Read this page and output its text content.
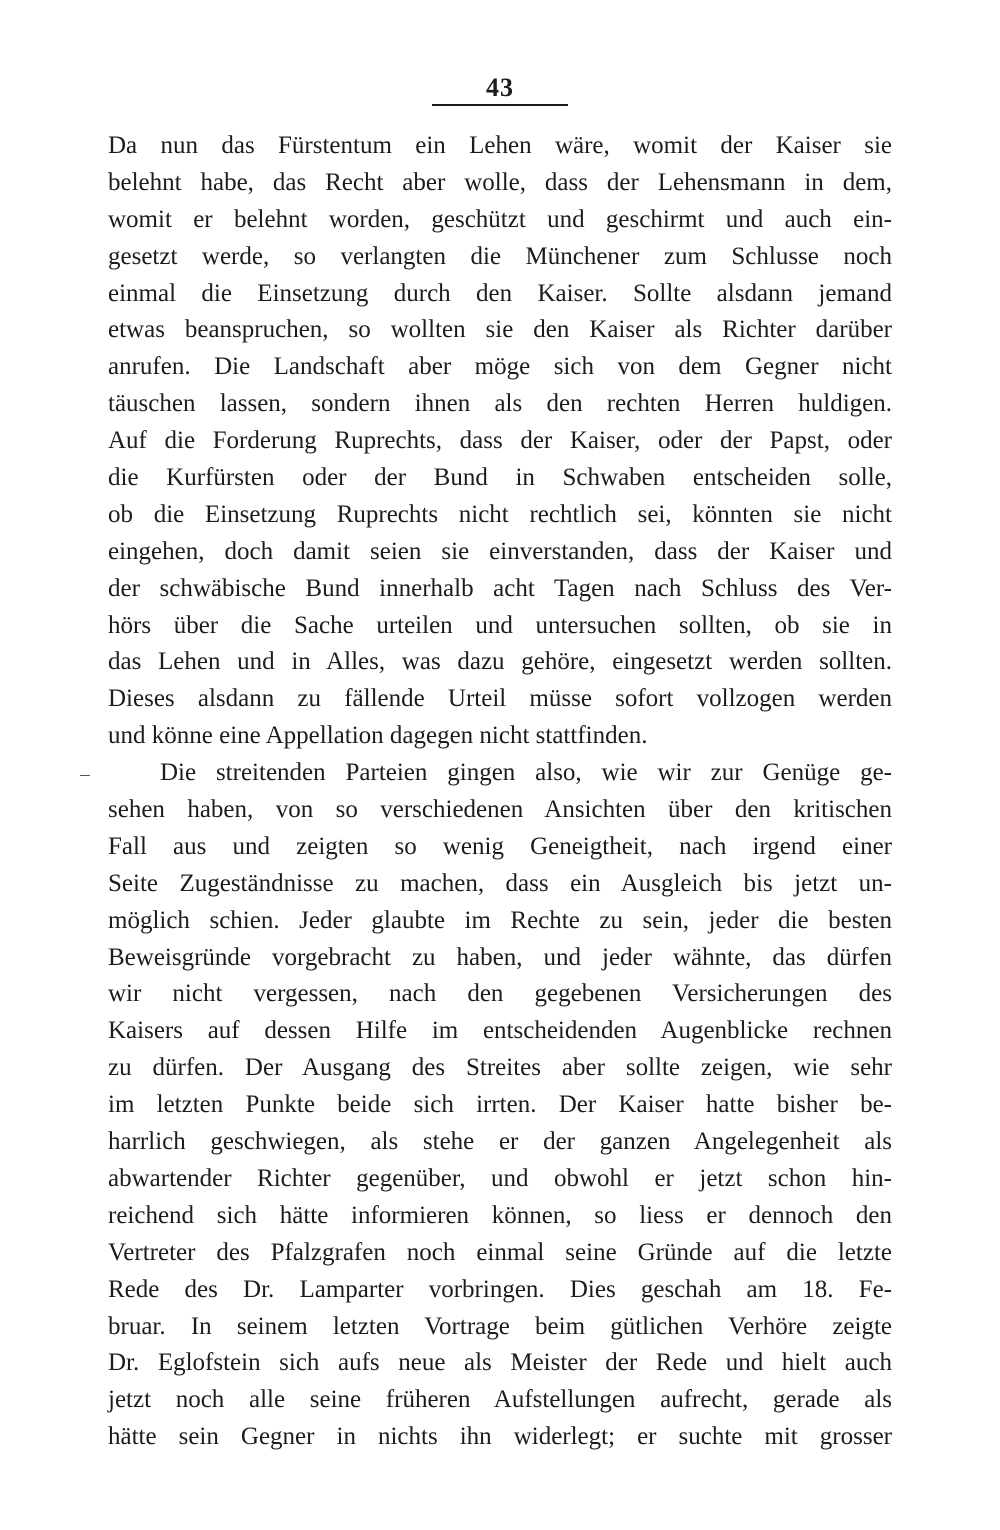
43
Da nun das Fürstentum ein Lehen wäre, womit der Kaiser sie
belehnt habe, das Recht aber wolle, dass der Lehensmann in dem,
womit er belehnt worden, geschützt und geschirmt und auch ein-
gesetzt werde, so verlangten die Münchener zum Schlusse noch
einmal die Einsetzung durch den Kaiser. Sollte alsdann jemand
etwas beanspruchen, so wollten sie den Kaiser als Richter darüber
anrufen. Die Landschaft aber möge sich von dem Gegner nicht
täuschen lassen, sondern ihnen als den rechten Herren huldigen.
Auf die Forderung Ruprechts, dass der Kaiser, oder der Papst, oder
die Kurfürsten oder der Bund in Schwaben entscheiden solle,
ob die Einsetzung Ruprechts nicht rechtlich sei, könnten sie nicht
eingehen, doch damit seien sie einverstanden, dass der Kaiser und
der schwäbische Bund innerhalb acht Tagen nach Schluss des Ver-
hörs über die Sache urteilen und untersuchen sollten, ob sie in
das Lehen und in Alles, was dazu gehöre, eingesetzt werden sollten.
Dieses alsdann zu fällende Urteil müsse sofort vollzogen werden
und könne eine Appellation dagegen nicht stattfinden.
Die streitenden Parteien gingen also, wie wir zur Genüge ge-
sehen haben, von so verschiedenen Ansichten über den kritischen
Fall aus und zeigten so wenig Geneigtheit, nach irgend einer
Seite Zugeständnisse zu machen, dass ein Ausgleich bis jetzt un-
möglich schien. Jeder glaubte im Rechte zu sein, jeder die besten
Beweisgründe vorgebracht zu haben, und jeder wähnte, das dürfen
wir nicht vergessen, nach den gegebenen Versicherungen des
Kaisers auf dessen Hilfe im entscheidenden Augenblicke rechnen
zu dürfen. Der Ausgang des Streites aber sollte zeigen, wie sehr
im letzten Punkte beide sich irrten. Der Kaiser hatte bisher be-
harrlich geschwiegen, als stehe er der ganzen Angelegenheit als
abwartender Richter gegenüber, und obwohl er jetzt schon hin-
reichend sich hätte informieren können, so liess er dennoch den
Vertreter des Pfalzgrafen noch einmal seine Gründe auf die letzte
Rede des Dr. Lamparter vorbringen. Dies geschah am 18. Fe-
bruar. In seinem letzten Vortrage beim gütlichen Verhöre zeigte
Dr. Eglofstein sich aufs neue als Meister der Rede und hielt auch
jetzt noch alle seine früheren Aufstellungen aufrecht, gerade als
hätte sein Gegner in nichts ihn widerlegt; er suchte mit grosser
